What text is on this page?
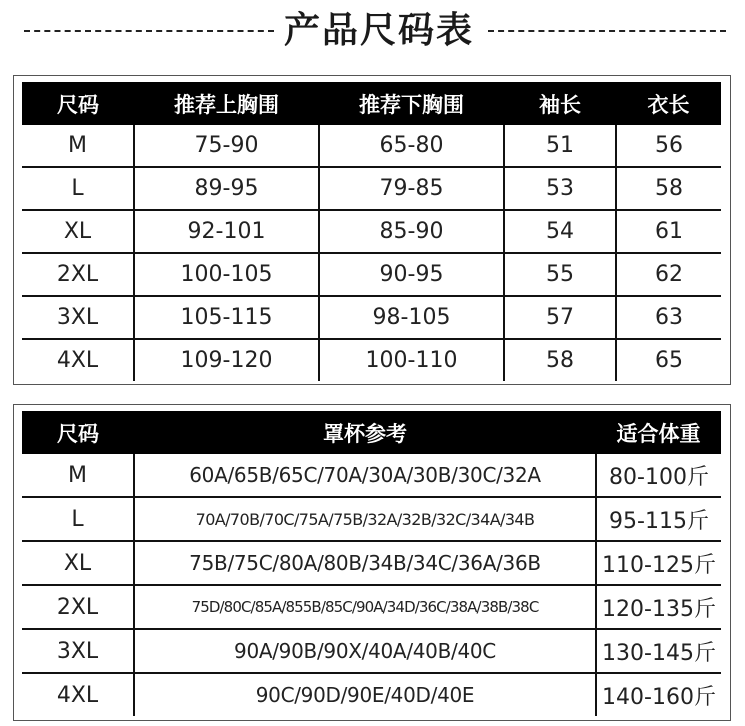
产品尺码表
尺码	推荐上胸围	推荐下胸围	袖长	衣长
M	75-90	65-80	51	56
L	89-95	79-85	53	58
XL	92-101	85-90	54	61
2XL	100-105	90-95	55	62
3XL	105-115	98-105	57	63
4XL	109-120	100-110	58	65
尺码	罩杯参考	适合体重
M	60A/65B/65C/70A/30A/30B/30C/32A	80-100斤
L	70A/70B/70C/75A/75B/32A/32B/32C/34A/34B	95-115斤
XL	75B/75C/80A/80B/34B/34C/36A/36B	110-125斤
2XL	75D/80C/85A/855B/85C/90A/34D/36C/38A/38B/38C	120-135斤
3XL	90A/90B/90X/40A/40B/40C	130-145斤
4XL	90C/90D/90E/40D/40E	140-160斤
